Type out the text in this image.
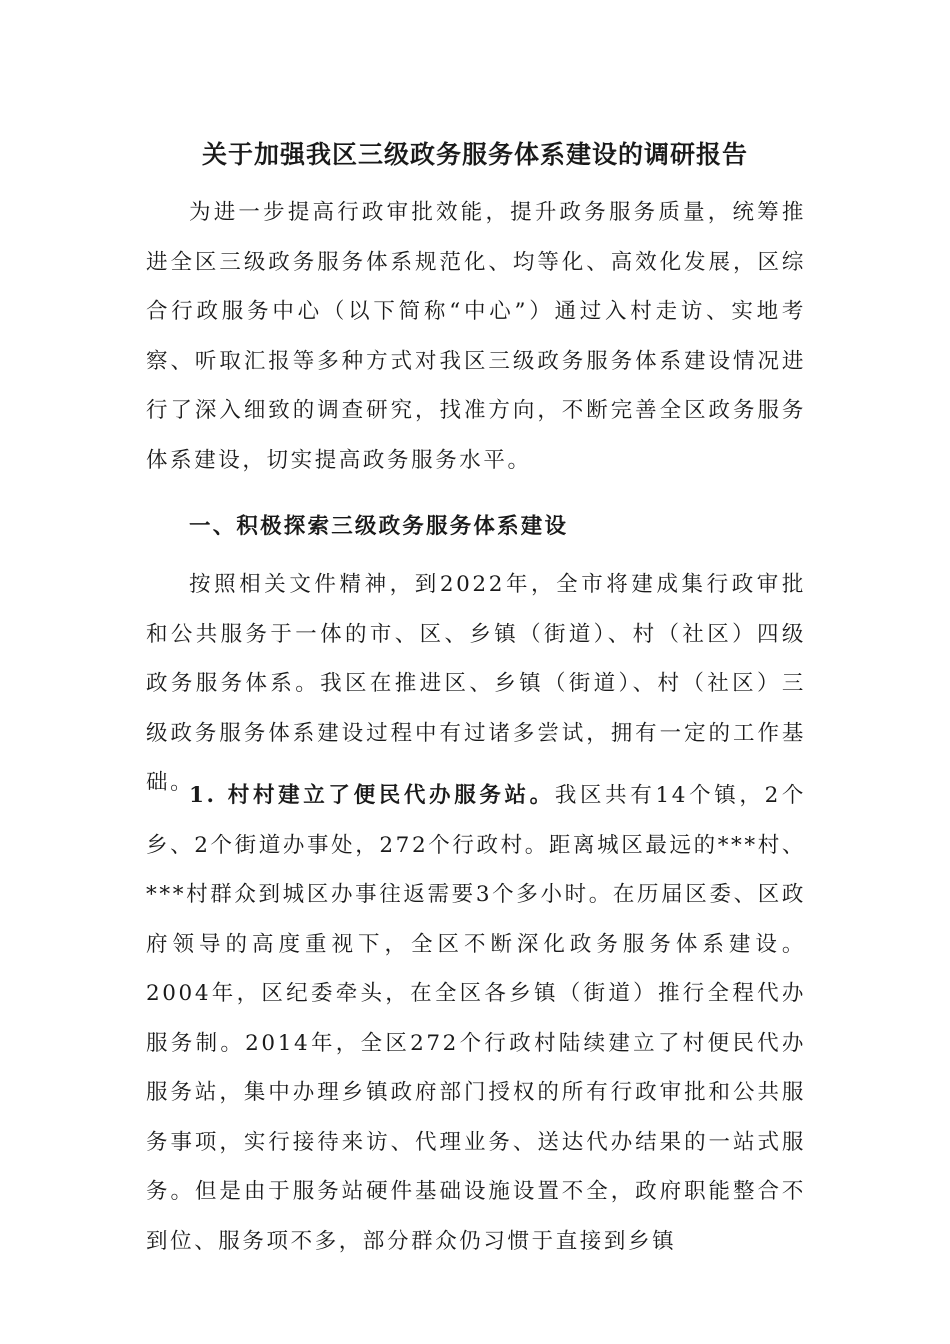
关于加强我区三级政务服务体系建设的调研报告

为进一步提高行政审批效能，提升政务服务质量，统筹推进全区三级政务服务体系规范化、均等化、高效化发展，区综合行政服务中心（以下简称“中心”）通过入村走访、实地考察、听取汇报等多种方式对我区三级政务服务体系建设情况进行了深入细致的调查研究，找准方向，不断完善全区政务服务体系建设，切实提高政务服务水平。

一、积极探索三级政务服务体系建设

按照相关文件精神，到2022年，全市将建成集行政审批和公共服务于一体的市、区、乡镇（街道）、村（社区）四级政务服务体系。我区在推进区、乡镇（街道）、村（社区）三级政务服务体系建设过程中有过诸多尝试，拥有一定的工作基础。

1. 村村建立了便民代办服务站。我区共有14个镇，2个乡、2个街道办事处，272个行政村。距离城区最远的***村、***村群众到城区办事往返需要3个多小时。在历届区委、区政府领导的高度重视下，全区不断深化政务服务体系建设。2004年，区纪委牵头，在全区各乡镇（街道）推行全程代办服务制。2014年，全区272个行政村陆续建立了村便民代办服务站，集中办理乡镇政府部门授权的所有行政审批和公共服务事项，实行接待来访、代理业务、送达代办结果的一站式服务。但是由于服务站硬件基础设施设置不全，政府职能整合不到位、服务项不多，部分群众仍习惯于直接到乡镇
